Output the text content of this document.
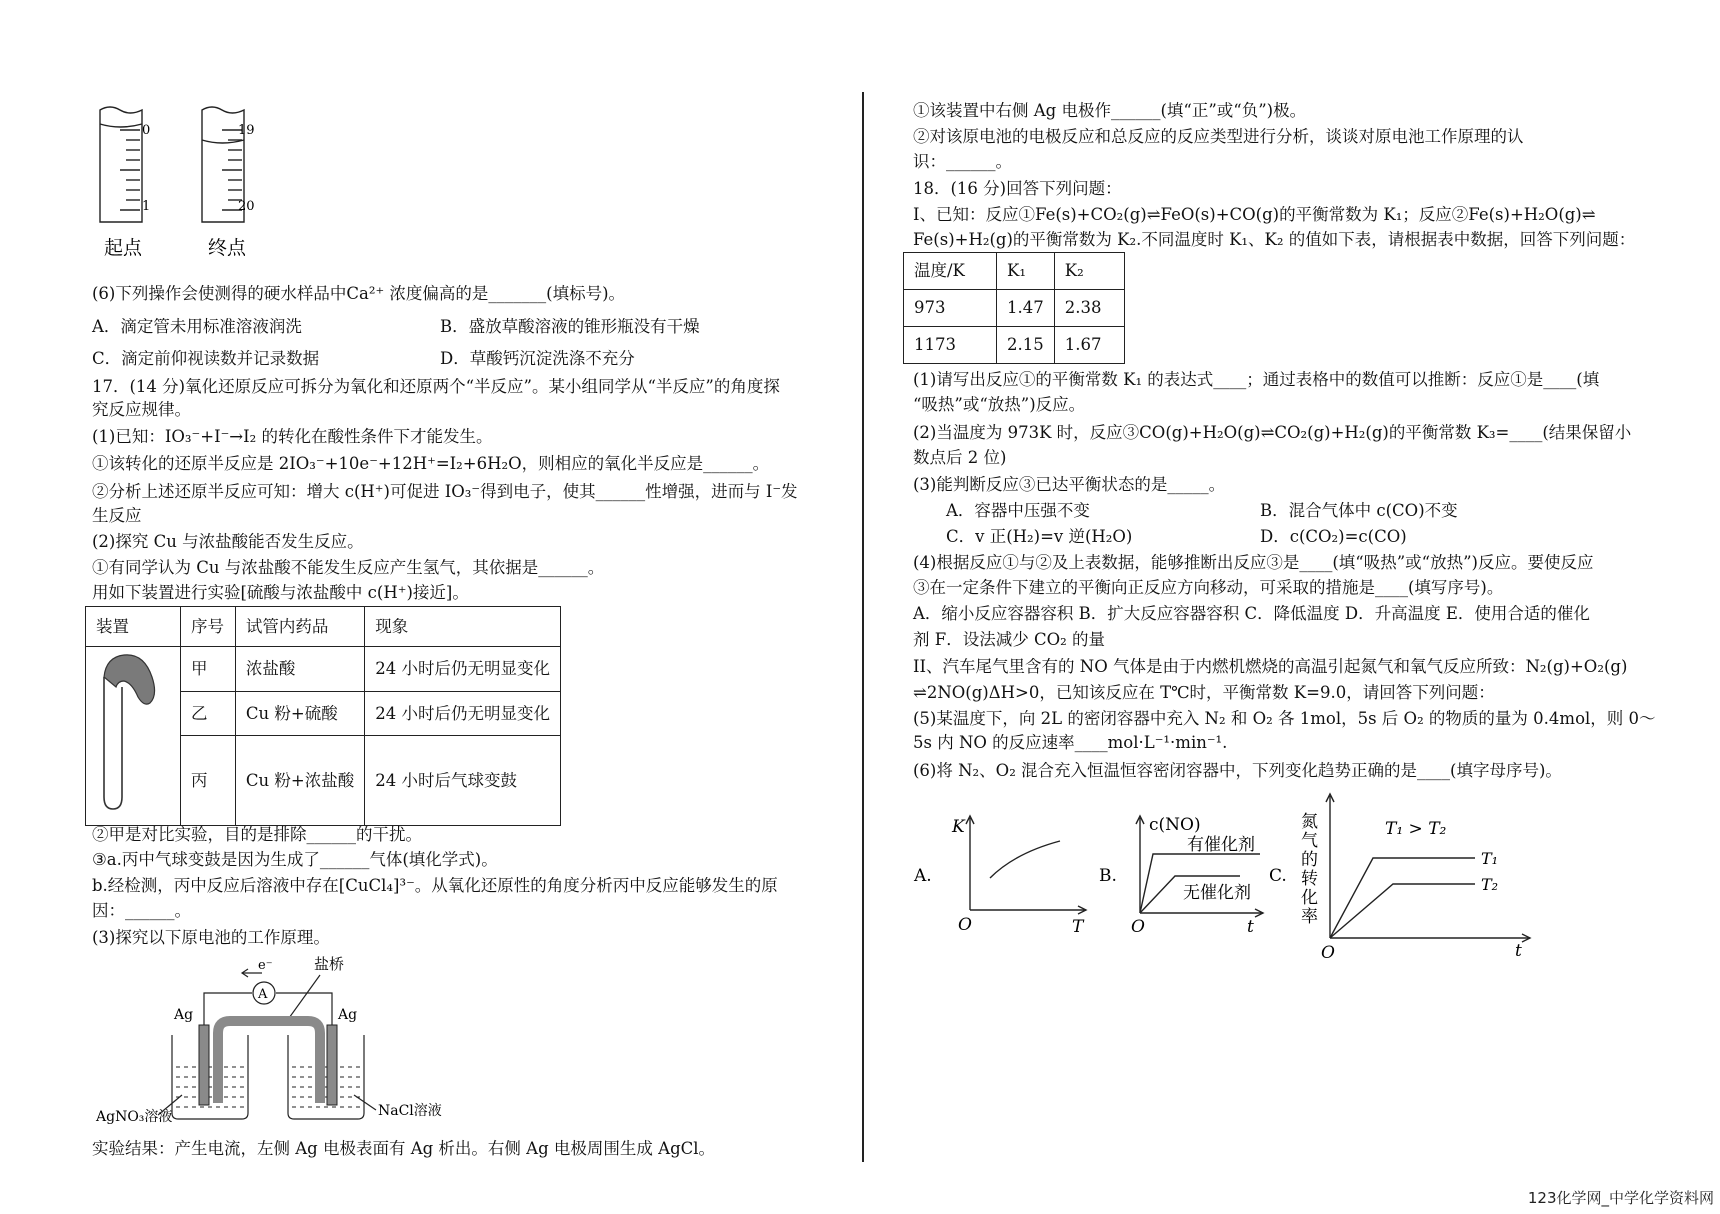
0
1
19
20
起点	终点
(6)下列操作会使测得的硬水样品中Ca²⁺ 浓度偏高的是_______(填标号)。
A．滴定管未用标准溶液润洗	B．盛放草酸溶液的锥形瓶没有干燥
C．滴定前仰视读数并记录数据	D．草酸钙沉淀洗涤不充分
17．(14 分)氧化还原反应可拆分为氧化和还原两个“半反应”。某小组同学从“半反应”的角度探
究反应规律。
(1)已知：IO₃⁻+I⁻→I₂ 的转化在酸性条件下才能发生。
①该转化的还原半反应是 2IO₃⁻+10e⁻+12H⁺=I₂+6H₂O，则相应的氧化半反应是______。
②分析上述还原半反应可知：增大 c(H⁺)可促进 IO₃⁻得到电子，使其______性增强，进而与 I⁻发
生反应
(2)探究 Cu 与浓盐酸能否发生反应。
①有同学认为 Cu 与浓盐酸不能发生反应产生氢气，其依据是______。
用如下装置进行实验[硫酸与浓盐酸中 c(H⁺)接近]。
装置	序号	试管内药品	现象
	甲	浓盐酸	24 小时后仍无明显变化
	乙	Cu 粉+硫酸	24 小时后仍无明显变化
	丙	Cu 粉+浓盐酸	24 小时后气球变鼓
②甲是对比实验，目的是排除______的干扰。
③a.丙中气球变鼓是因为生成了______气体(填化学式)。
b.经检测，丙中反应后溶液中存在[CuCl₄]³⁻。从氧化还原性的角度分析丙中反应能够发生的原
因：______。
(3)探究以下原电池的工作原理。
A
e⁻	盐桥
Ag	Ag
AgNO₃溶液	NaCl溶液
实验结果：产生电流，左侧 Ag 电极表面有 Ag 析出。右侧 Ag 电极周围生成 AgCl。
①该装置中右侧 Ag 电极作______(填“正”或“负”)极。
②对该原电池的电极反应和总反应的反应类型进行分析，谈谈对原电池工作原理的认
识：______。
18．(16 分)回答下列问题：
I、已知：反应①Fe(s)+CO₂(g)⇌FeO(s)+CO(g)的平衡常数为 K₁；反应②Fe(s)+H₂O(g)⇌
Fe(s)+H₂(g)的平衡常数为 K₂.不同温度时 K₁、K₂ 的值如下表，请根据表中数据，回答下列问题：
温度/K	K₁	K₂
973	1.47	2.38
1173	2.15	1.67
(1)请写出反应①的平衡常数 K₁ 的表达式____；通过表格中的数值可以推断：反应①是____(填
“吸热”或“放热”)反应。
(2)当温度为 973K 时，反应③CO(g)+H₂O(g)⇌CO₂(g)+H₂(g)的平衡常数 K₃=____(结果保留小
数点后 2 位)
(3)能判断反应③已达平衡状态的是_____。
A．容器中压强不变	B．混合气体中 c(CO)不变
C．v 正(H₂)=v 逆(H₂O)	D．c(CO₂)=c(CO)
(4)根据反应①与②及上表数据，能够推断出反应③是____(填“吸热”或“放热”)反应。要使反应
③在一定条件下建立的平衡向正反应方向移动，可采取的措施是____(填写序号)。
A．缩小反应容器容积 B．扩大反应容器容积 C．降低温度 D．升高温度 E．使用合适的催化
剂 F．设法减少 CO₂ 的量
II、汽车尾气里含有的 NO 气体是由于内燃机燃烧的高温引起氮气和氧气反应所致：N₂(g)+O₂(g)
⇌2NO(g)ΔH>0，已知该反应在 T℃时，平衡常数 K=9.0，请回答下列问题：
(5)某温度下，向 2L 的密闭容器中充入 N₂ 和 O₂ 各 1mol，5s 后 O₂ 的物质的量为 0.4mol，则 0～
5s 内 NO 的反应速率____mol·L⁻¹·min⁻¹.
(6)将 N₂、O₂ 混合充入恒温恒容密闭容器中，下列变化趋势正确的是____(填字母序号)。
A.
K
O	T
B.
c(NO)
有催化剂
无催化剂
O	t
C. 氮气的转化率	T₁ > T₂
T₁
T₂
O	t
123化学网_中学化学资料网
